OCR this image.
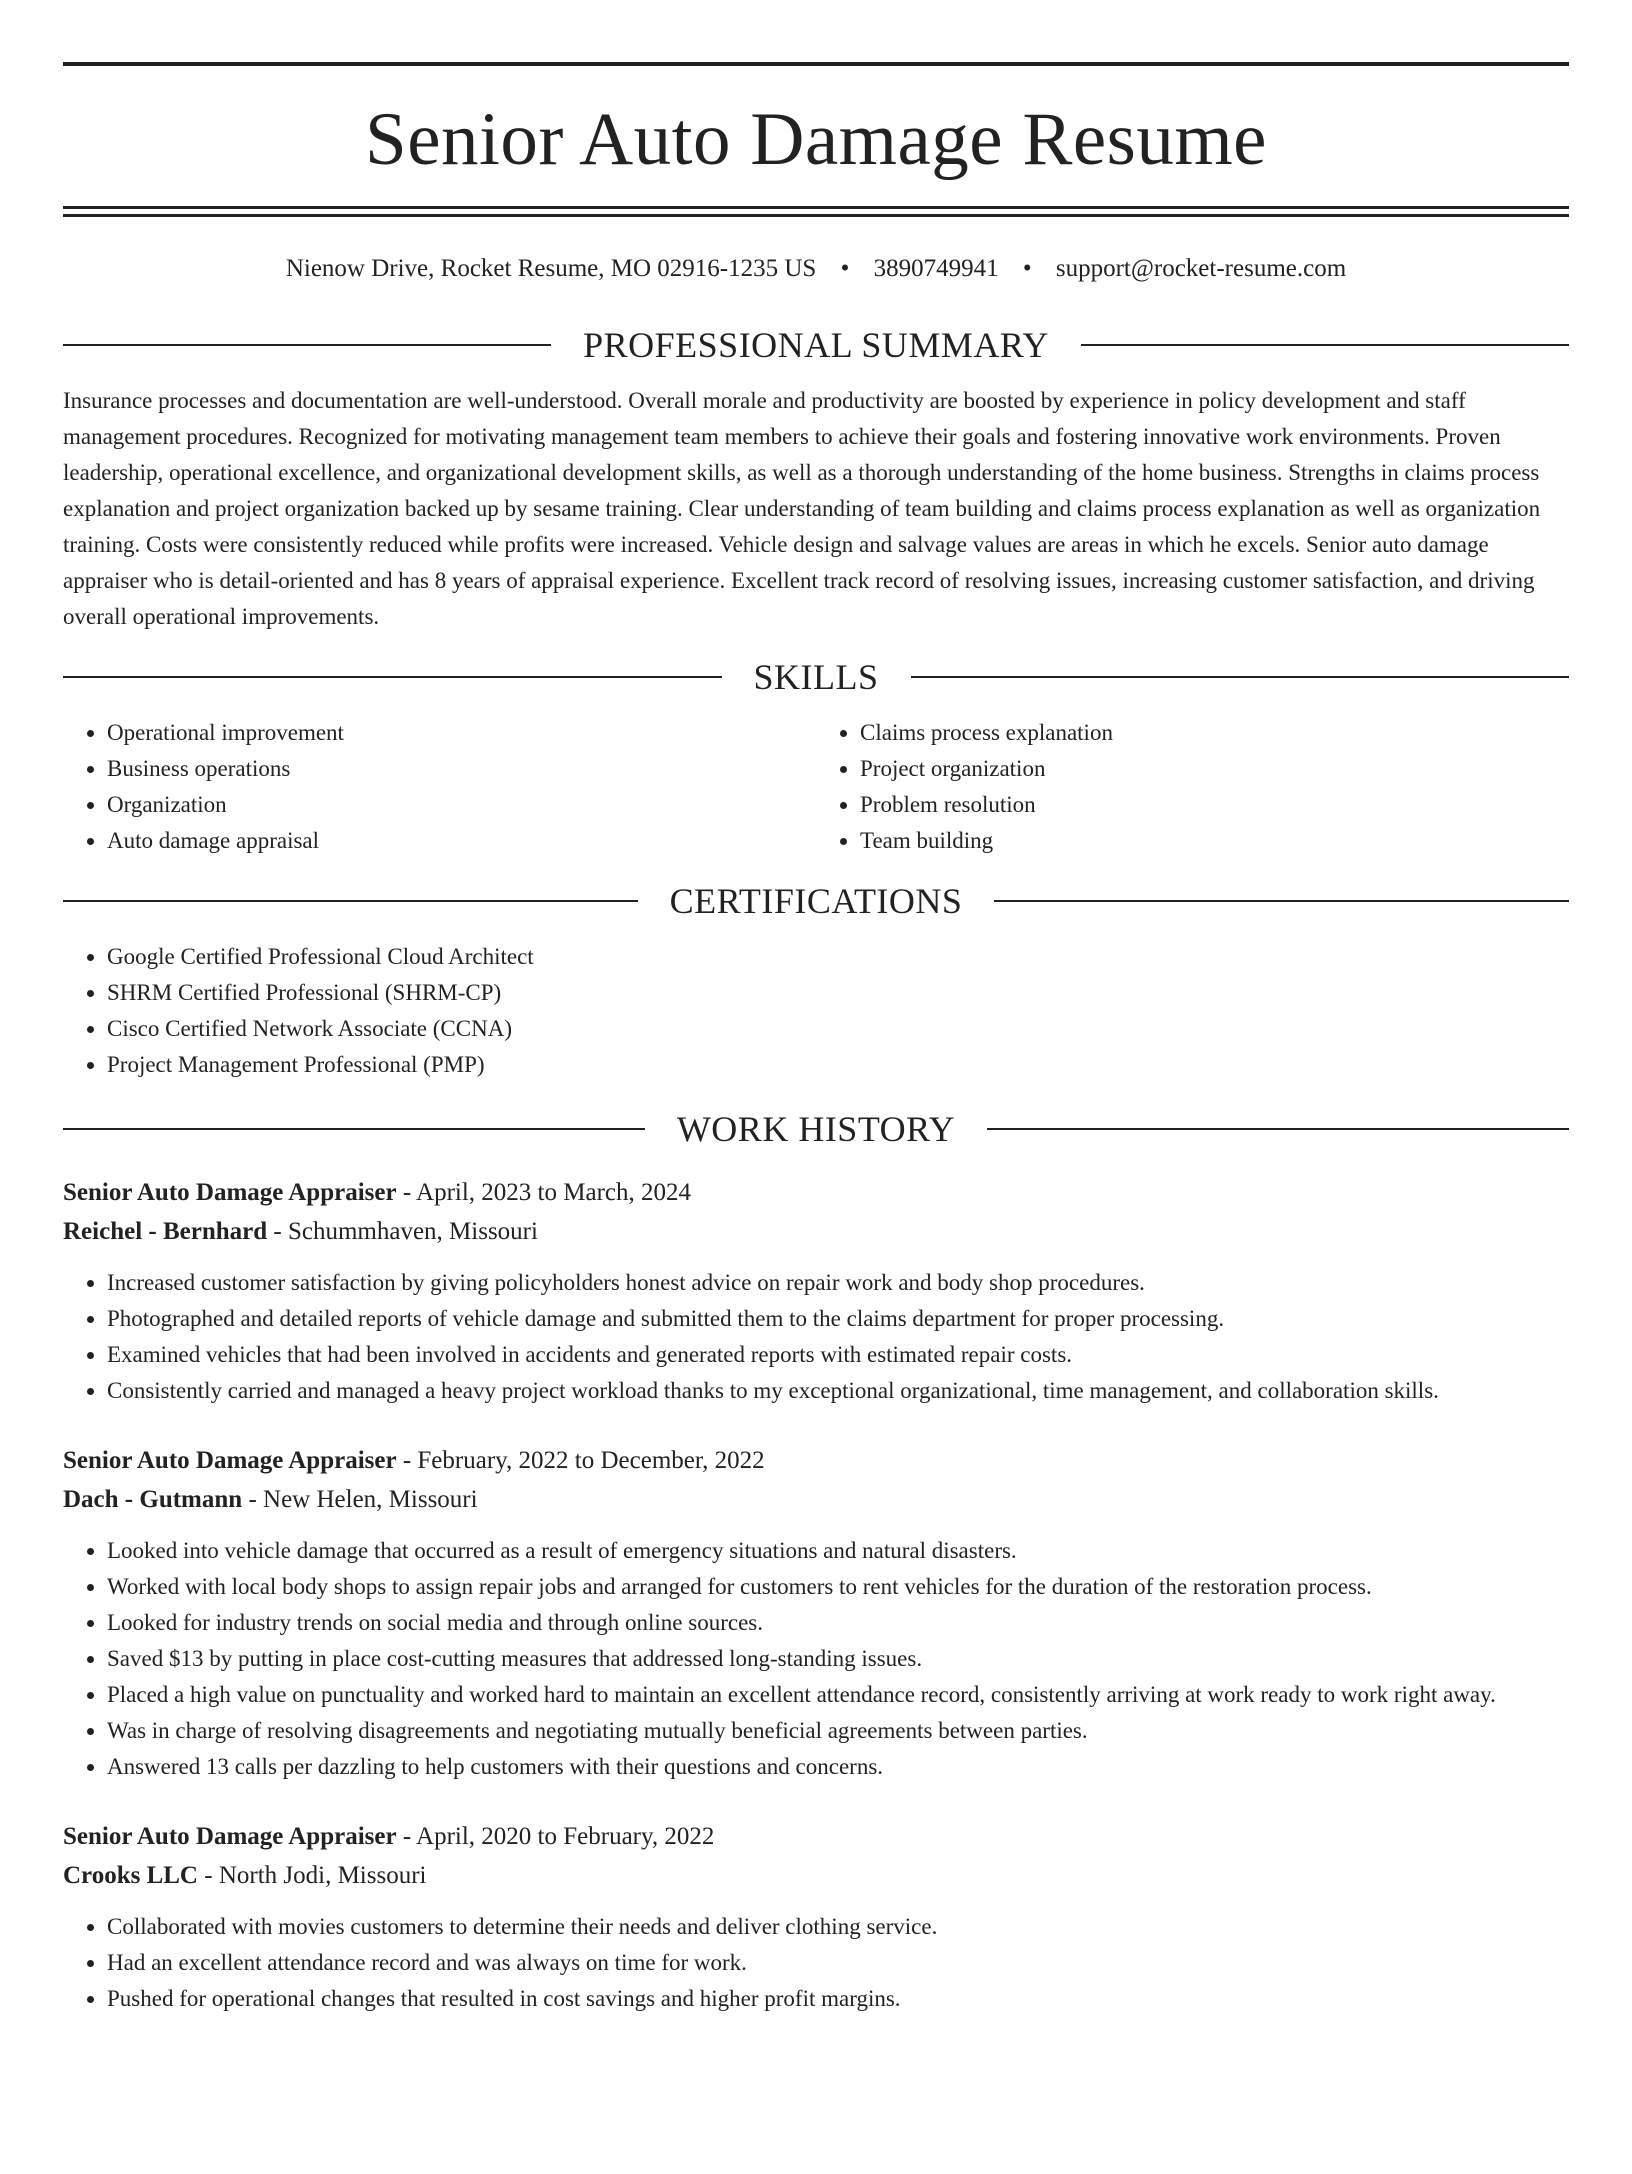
Senior Auto Damage Resume
Nienow Drive, Rocket Resume, MO 02916-1235 US • 3890749941 • support@rocket-resume.com
PROFESSIONAL SUMMARY

Insurance processes and documentation are well-understood. Overall morale and productivity are boosted by experience in policy development and staff management procedures. Recognized for motivating management team members to achieve their goals and fostering innovative work environments. Proven leadership, operational excellence, and organizational development skills, as well as a thorough understanding of the home business. Strengths in claims process explanation and project organization backed up by sesame training. Clear understanding of team building and claims process explanation as well as organization training. Costs were consistently reduced while profits were increased. Vehicle design and salvage values are areas in which he excels. Senior auto damage appraiser who is detail-oriented and has 8 years of appraisal experience. Excellent track record of resolving issues, increasing customer satisfaction, and driving overall operational improvements.

SKILLS
• Operational improvement
• Business operations
• Organization
• Auto damage appraisal
• Claims process explanation
• Project organization
• Problem resolution
• Team building
CERTIFICATIONS
• Google Certified Professional Cloud Architect
• SHRM Certified Professional (SHRM-CP)
• Cisco Certified Network Associate (CCNA)
• Project Management Professional (PMP)
WORK HISTORY
Senior Auto Damage Appraiser - April, 2023 to March, 2024
Reichel - Bernhard - Schummhaven, Missouri
• Increased customer satisfaction by giving policyholders honest advice on repair work and body shop procedures.
• Photographed and detailed reports of vehicle damage and submitted them to the claims department for proper processing.
• Examined vehicles that had been involved in accidents and generated reports with estimated repair costs.
• Consistently carried and managed a heavy project workload thanks to my exceptional organizational, time management, and collaboration skills.
Senior Auto Damage Appraiser - February, 2022 to December, 2022
Dach - Gutmann - New Helen, Missouri
• Looked into vehicle damage that occurred as a result of emergency situations and natural disasters.
• Worked with local body shops to assign repair jobs and arranged for customers to rent vehicles for the duration of the restoration process.
• Looked for industry trends on social media and through online sources.
• Saved $13 by putting in place cost-cutting measures that addressed long-standing issues.
• Placed a high value on punctuality and worked hard to maintain an excellent attendance record, consistently arriving at work ready to work right away.
• Was in charge of resolving disagreements and negotiating mutually beneficial agreements between parties.
• Answered 13 calls per dazzling to help customers with their questions and concerns.
Senior Auto Damage Appraiser - April, 2020 to February, 2022
Crooks LLC - North Jodi, Missouri
• Collaborated with movies customers to determine their needs and deliver clothing service.
• Had an excellent attendance record and was always on time for work.
• Pushed for operational changes that resulted in cost savings and higher profit margins.
